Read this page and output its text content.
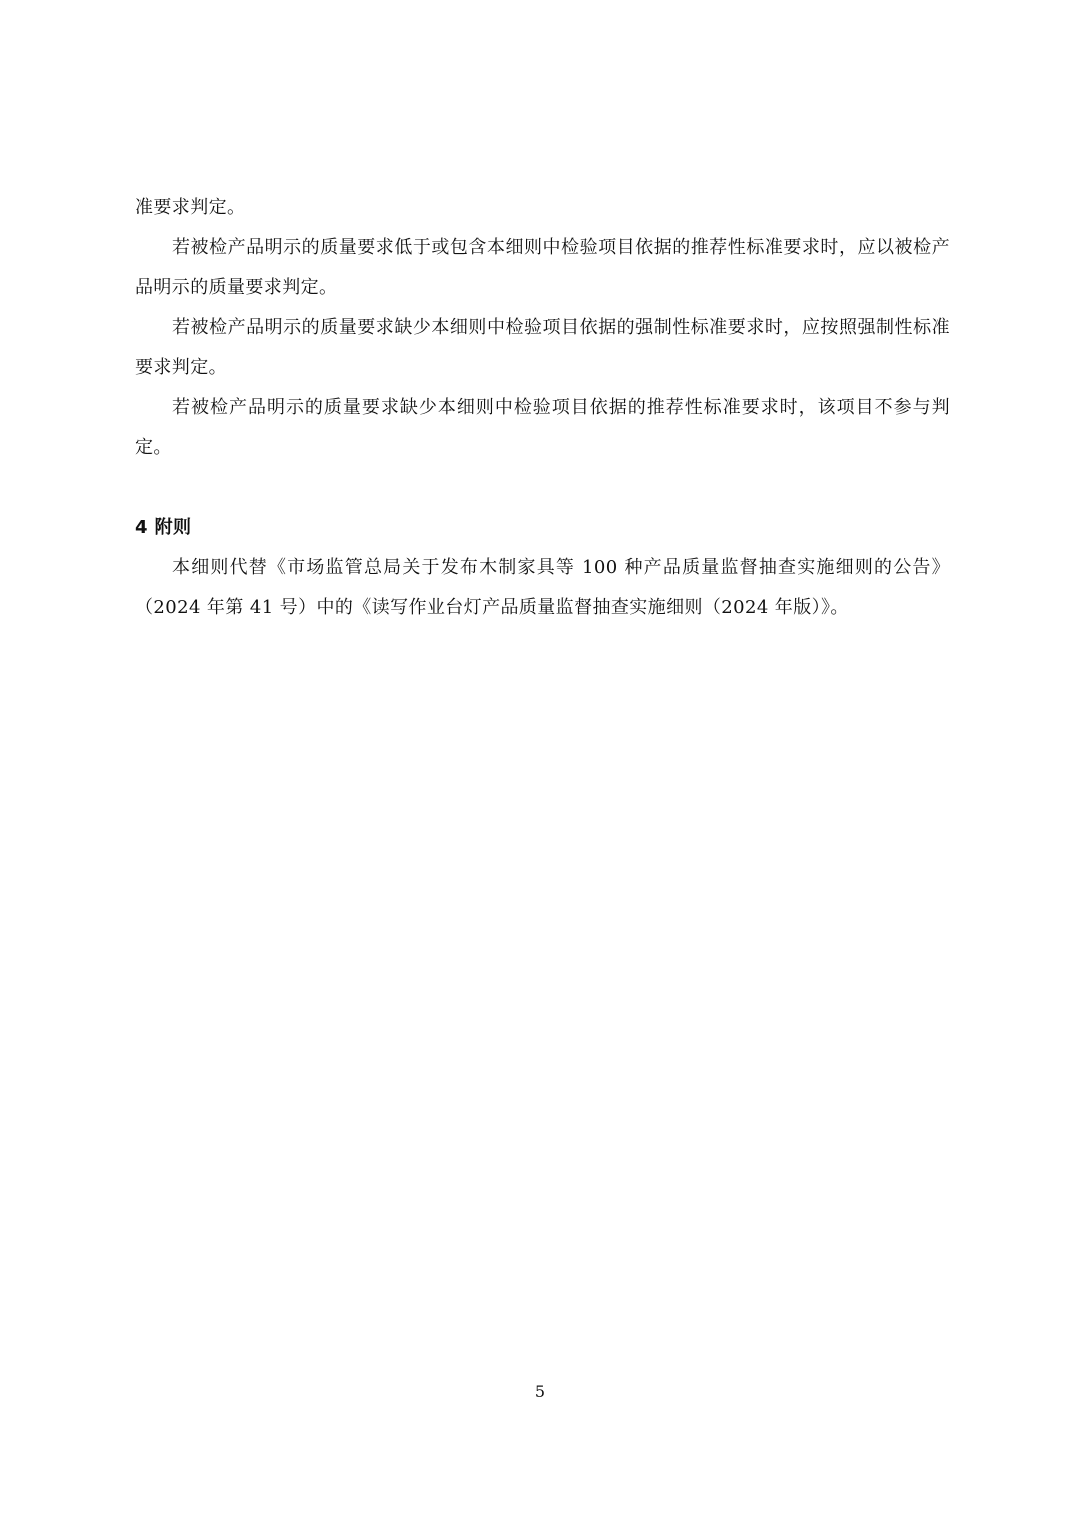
准要求判定。

若被检产品明示的质量要求低于或包含本细则中检验项目依据的推荐性标准要求时，应以被检产品明示的质量要求判定。

若被检产品明示的质量要求缺少本细则中检验项目依据的强制性标准要求时，应按照强制性标准要求判定。

若被检产品明示的质量要求缺少本细则中检验项目依据的推荐性标准要求时，该项目不参与判定。

4 附则

本细则代替《市场监管总局关于发布木制家具等 100 种产品质量监督抽查实施细则的公告》（2024 年第 41 号）中的《读写作业台灯产品质量监督抽查实施细则（2024 年版）》。

5
